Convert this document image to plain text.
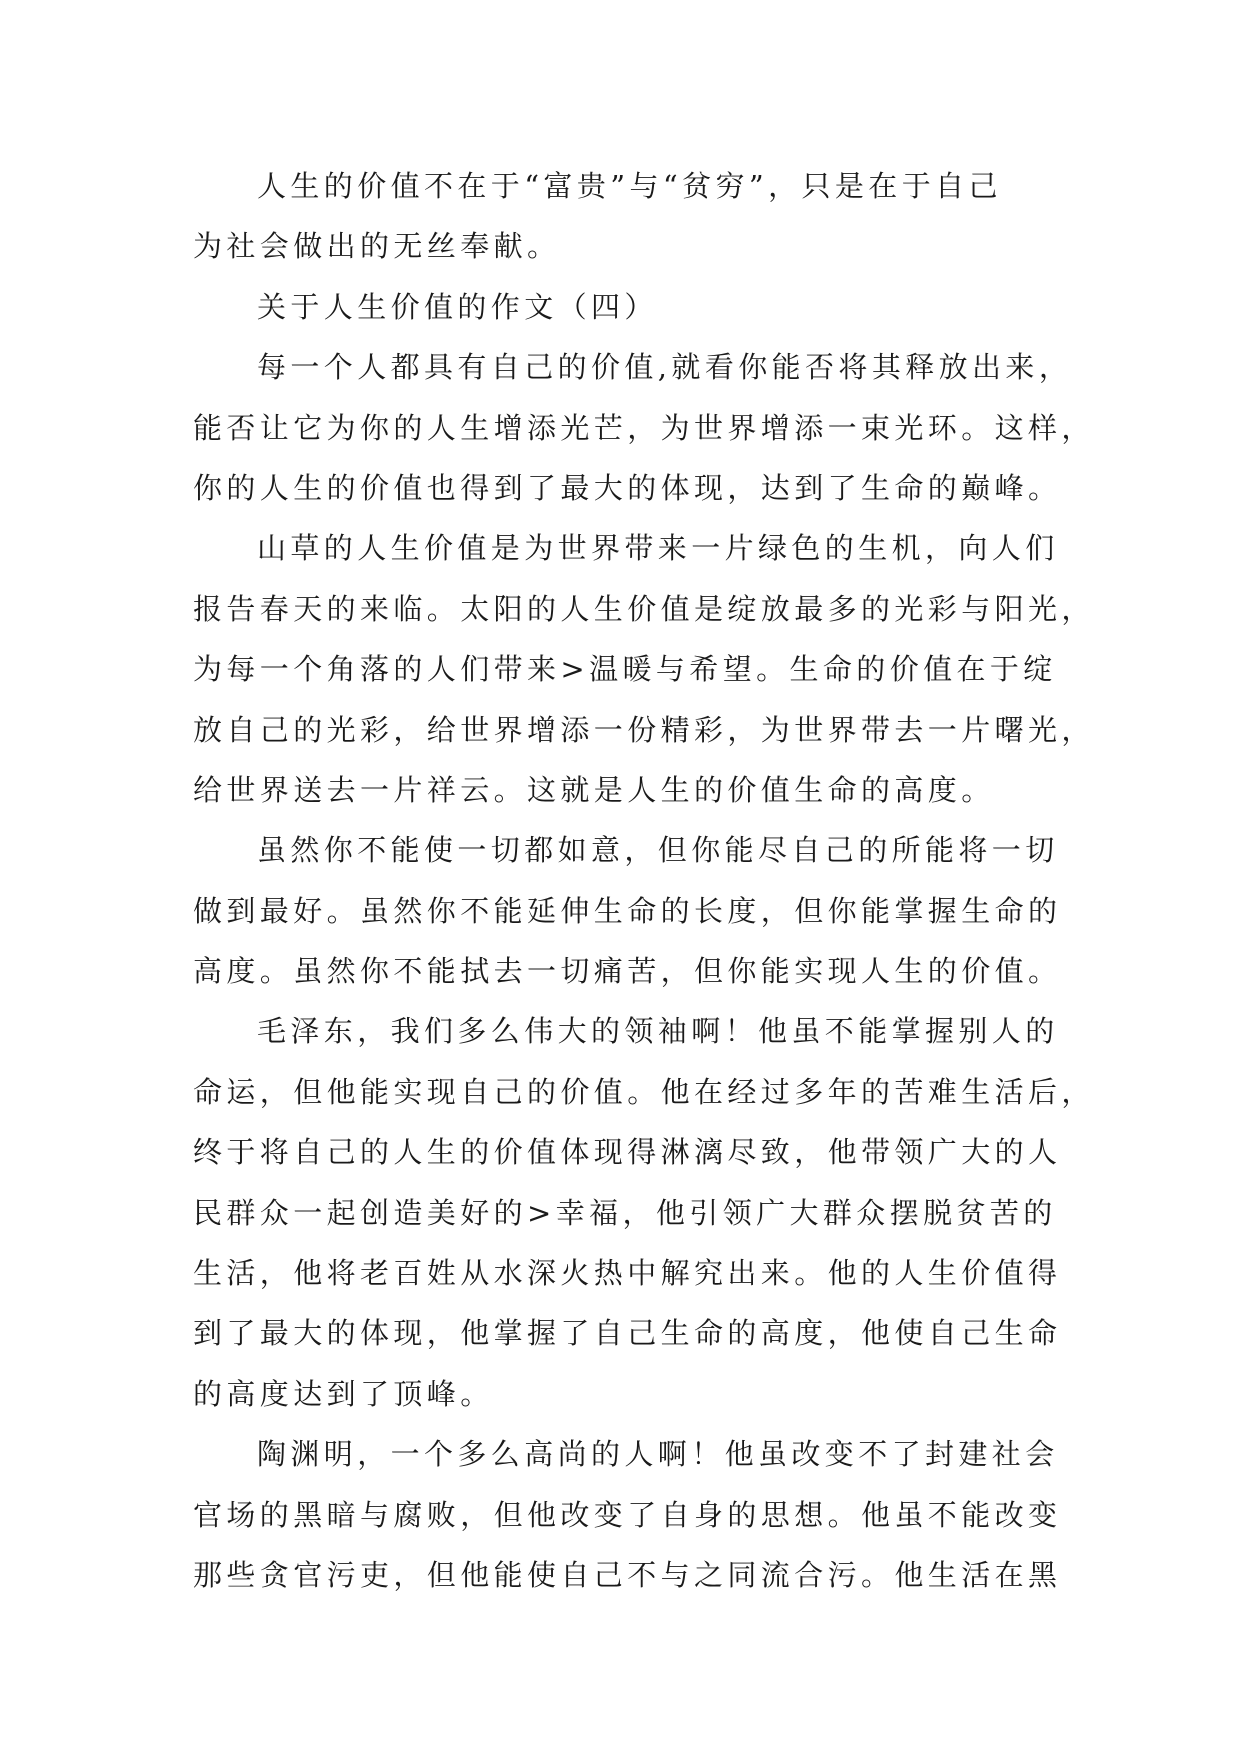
人生的价值不在于“富贵”与“贫穷”，只是在于自己
为社会做出的无丝奉献。
关于人生价值的作文（四）
每一个人都具有自己的价值,就看你能否将其释放出来，
能否让它为你的人生增添光芒，为世界增添一束光环。这样，
你的人生的价值也得到了最大的体现，达到了生命的巅峰。
山草的人生价值是为世界带来一片绿色的生机，向人们
报告春天的来临。太阳的人生价值是绽放最多的光彩与阳光，
为每一个角落的人们带来>温暖与希望。生命的价值在于绽
放自己的光彩，给世界增添一份精彩，为世界带去一片曙光，
给世界送去一片祥云。这就是人生的价值生命的高度。
虽然你不能使一切都如意，但你能尽自己的所能将一切
做到最好。虽然你不能延伸生命的长度，但你能掌握生命的
高度。虽然你不能拭去一切痛苦，但你能实现人生的价值。
毛泽东，我们多么伟大的领袖啊！他虽不能掌握别人的
命运，但他能实现自己的价值。他在经过多年的苦难生活后，
终于将自己的人生的价值体现得淋漓尽致，他带领广大的人
民群众一起创造美好的>幸福，他引领广大群众摆脱贫苦的
生活，他将老百姓从水深火热中解究出来。他的人生价值得
到了最大的体现，他掌握了自己生命的高度，他使自己生命
的高度达到了顶峰。
陶渊明，一个多么高尚的人啊！他虽改变不了封建社会
官场的黑暗与腐败，但他改变了自身的思想。他虽不能改变
那些贪官污吏，但他能使自己不与之同流合污。他生活在黑
